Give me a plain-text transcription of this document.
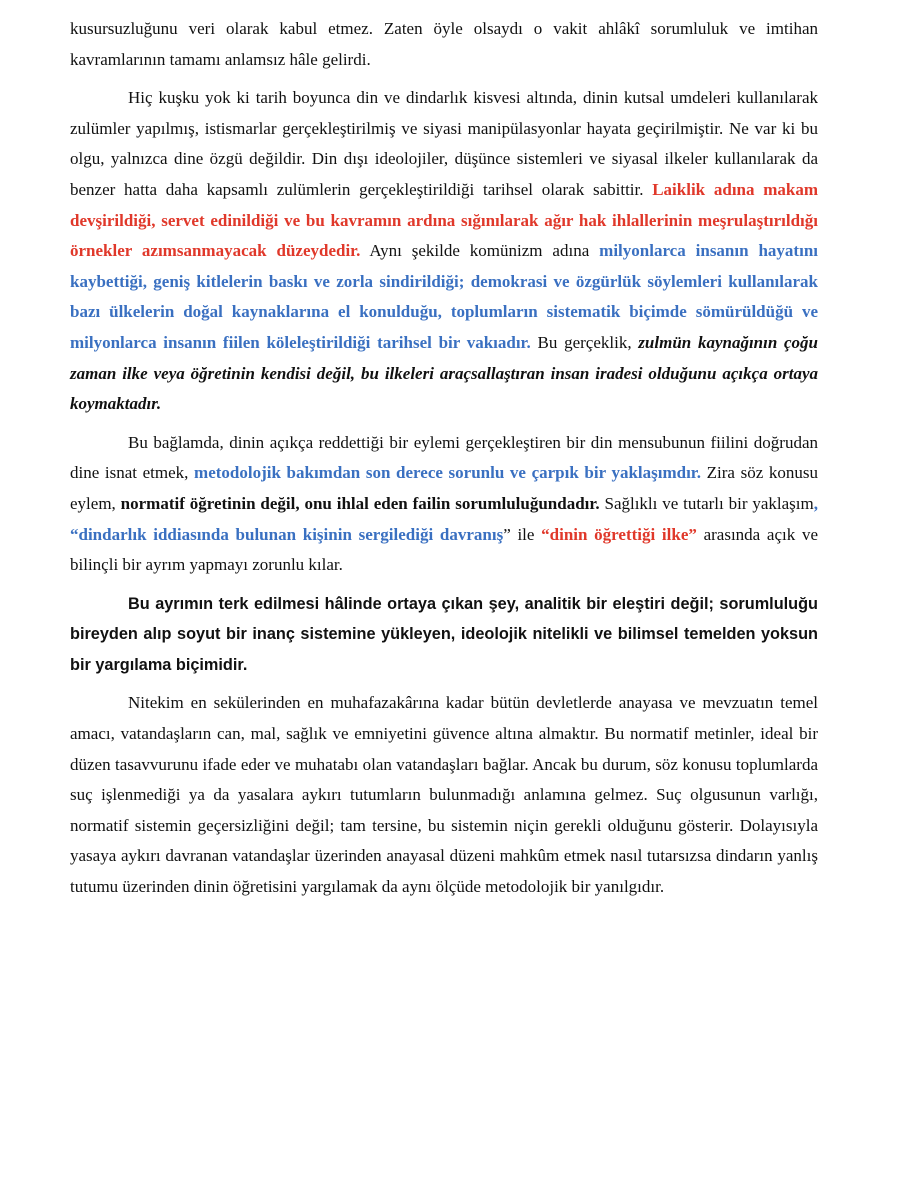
kusursuzluğunu veri olarak kabul etmez. Zaten öyle olsaydı o vakit ahlâkî sorumluluk ve imtihan kavramlarının tamamı anlamsız hâle gelirdi.

Hiç kuşku yok ki tarih boyunca din ve dindarlık kisvesi altında, dinin kutsal umdeleri kullanılarak zulümler yapılmış, istismarlar gerçekleştirilmiş ve siyasi manipülasyonlar hayata geçirilmiştir. Ne var ki bu olgu, yalnızca dine özgü değildir. Din dışı ideolojiler, düşünce sistemleri ve siyasal ilkeler kullanılarak da benzer hatta daha kapsamlı zulümlerin gerçekleştirildiği tarihsel olarak sabittir. Laiklik adına makam devşirildiği, servet edinildiği ve bu kavramın ardına sığınılarak ağır hak ihlallerinin meşrulaştırıldığı örnekler azımsanmayacak düzeydedir. Aynı şekilde komünizm adına milyonlarca insanın hayatını kaybettiği, geniş kitlelerin baskı ve zorla sindirildiği; demokrasi ve özgürlük söylemleri kullanılarak bazı ülkelerin doğal kaynaklarına el konulduğu, toplumların sistematik biçimde sömürüldüğü ve milyonlarca insanın fiilen köleleştirildiği tarihsel bir vakıadır. Bu gerçeklik, zulmün kaynağının çoğu zaman ilke veya öğretinin kendisi değil, bu ilkeleri araçsallaştıran insan iradesi olduğunu açıkça ortaya koymaktadır.

Bu bağlamda, dinin açıkça reddettiği bir eylemi gerçekleştiren bir din mensubunun fiilini doğrudan dine isnat etmek, metodolojik bakımdan son derece sorunlu ve çarpık bir yaklaşımdır. Zira söz konusu eylem, normatif öğretinin değil, onu ihlal eden failin sorumluluğundadır. Sağlıklı ve tutarlı bir yaklaşım, “dindarlık iddiasında bulunan kişinin sergilediği davranış” ile “dinin öğrettiği ilke” arasında açık ve bilinçli bir ayrım yapmayı zorunlu kılar.

Bu ayrımın terk edilmesi hâlinde ortaya çıkan şey, analitik bir eleştiri değil; sorumluluğu bireyden alıp soyut bir inanç sistemine yükleyen, ideolojik nitelikli ve bilimsel temelden yoksun bir yargılama biçimidir.

Nitekim en sekülerinden en muhafazakârına kadar bütün devletlerde anayasa ve mevzuatın temel amacı, vatandaşların can, mal, sağlık ve emniyetini güvence altına almaktır. Bu normatif metinler, ideal bir düzen tasavvurunu ifade eder ve muhatabı olan vatandaşları bağlar. Ancak bu durum, söz konusu toplumlarda suç işlenmediği ya da yasalara aykırı tutumların bulunmadığı anlamına gelmez. Suç olgusunun varlığı, normatif sistemin geçersizliğini değil; tam tersine, bu sistemin niçin gerekli olduğunu gösterir. Dolayısıyla yasaya aykırı davranan vatandaşlar üzerinden anayasal düzeni mahkûm etmek nasıl tutarsızsa dindarın yanlış tutumu üzerinden dinin öğretisini yargılamak da aynı ölçüde metodolojik bir yanılgıdır.
